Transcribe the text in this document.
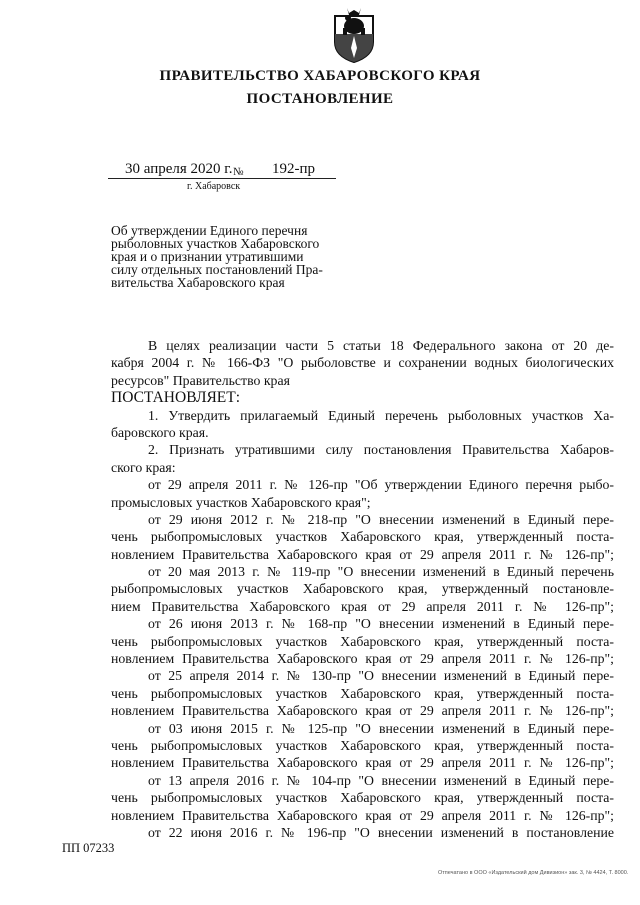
ПРАВИТЕЛЬСТВО ХАБАРОВСКОГО КРАЯ
ПОСТАНОВЛЕНИЕ
30 апреля 2020 г. № 192-пр
г. Хабаровск
Об утверждении Единого перечня
рыболовных участков Хабаровского
края и о признании утратившими
силу отдельных постановлений Пра-
вительства Хабаровского края
В целях реализации части 5 статьи 18 Федерального закона от 20 де-
кабря 2004 г. № 166-ФЗ "О рыболовстве и сохранении водных биологических
ресурсов" Правительство края
ПОСТАНОВЛЯЕТ:
1. Утвердить прилагаемый Единый перечень рыболовных участков Ха-
баровского края.
2. Признать утратившими силу постановления Правительства Хабаров-
ского края:
от 29 апреля 2011 г. № 126-пр "Об утверждении Единого перечня рыбо-
промысловых участков Хабаровского края";
от 29 июня 2012 г. № 218-пр "О внесении изменений в Единый пере-
чень рыбопромысловых участков Хабаровского края, утвержденный поста-
новлением Правительства Хабаровского края от 29 апреля 2011 г. № 126-пр";
от 20 мая 2013 г. № 119-пр "О внесении изменений в Единый перечень
рыбопромысловых участков Хабаровского края, утвержденный постановле-
нием Правительства Хабаровского края от 29 апреля 2011 г. № 126-пр";
от 26 июня 2013 г. № 168-пр "О внесении изменений в Единый пере-
чень рыбопромысловых участков Хабаровского края, утвержденный поста-
новлением Правительства Хабаровского края от 29 апреля 2011 г. № 126-пр";
от 25 апреля 2014 г. № 130-пр "О внесении изменений в Единый пере-
чень рыбопромысловых участков Хабаровского края, утвержденный поста-
новлением Правительства Хабаровского края от 29 апреля 2011 г. № 126-пр";
от 03 июня 2015 г. № 125-пр "О внесении изменений в Единый пере-
чень рыбопромысловых участков Хабаровского края, утвержденный поста-
новлением Правительства Хабаровского края от 29 апреля 2011 г. № 126-пр";
от 13 апреля 2016 г. № 104-пр "О внесении изменений в Единый пере-
чень рыбопромысловых участков Хабаровского края, утвержденный поста-
новлением Правительства Хабаровского края от 29 апреля 2011 г. № 126-пр";
от 22 июня 2016 г. № 196-пр "О внесении изменений в постановление
ПП 07233
Отпечатано в ООО «Издательский дом Дивизион» зак. 3, № 4424, Т. 8000.
